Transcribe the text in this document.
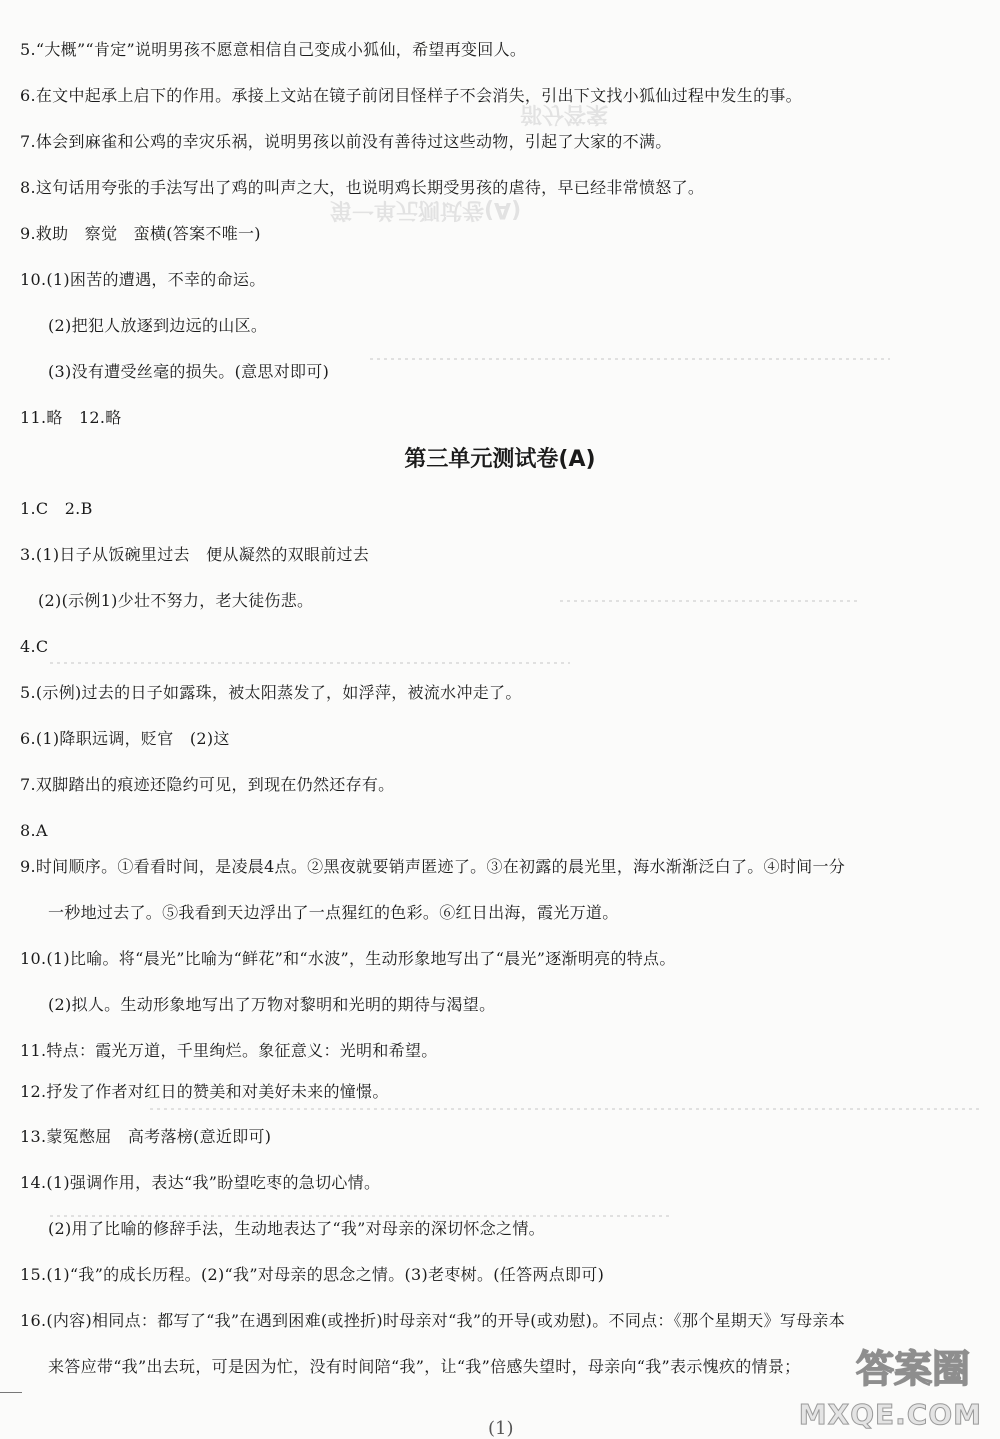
部分答案
第一单元测试卷(A)
5.“大概”“肯定”说明男孩不愿意相信自己变成小狐仙，希望再变回人。
6.在文中起承上启下的作用。承接上文站在镜子前闭目怪样子不会消失，引出下文找小狐仙过程中发生的事。
7.体会到麻雀和公鸡的幸灾乐祸，说明男孩以前没有善待过这些动物，引起了大家的不满。
8.这句话用夸张的手法写出了鸡的叫声之大，也说明鸡长期受男孩的虐待，早已经非常愤怒了。
9.救助　察觉　蛮横(答案不唯一)
10.(1)困苦的遭遇，不幸的命运。
(2)把犯人放逐到边远的山区。
(3)没有遭受丝毫的损失。(意思对即可)
11.略　12.略
第三单元测试卷(A)
1.C　2.B
3.(1)日子从饭碗里过去　便从凝然的双眼前过去
(2)(示例1)少壮不努力，老大徒伤悲。
4.C
5.(示例)过去的日子如露珠，被太阳蒸发了，如浮萍，被流水冲走了。
6.(1)降职远调，贬官　(2)这
7.双脚踏出的痕迹还隐约可见，到现在仍然还存有。
8.A
9.时间顺序。①看看时间，是凌晨4点。②黑夜就要销声匿迹了。③在初露的晨光里，海水渐渐泛白了。④时间一分
一秒地过去了。⑤我看到天边浮出了一点猩红的色彩。⑥红日出海，霞光万道。
10.(1)比喻。将“晨光”比喻为“鲜花”和“水波”，生动形象地写出了“晨光”逐渐明亮的特点。
(2)拟人。生动形象地写出了万物对黎明和光明的期待与渴望。
11.特点：霞光万道，千里绚烂。象征意义：光明和希望。
12.抒发了作者对红日的赞美和对美好未来的憧憬。
13.蒙冤憋屈　高考落榜(意近即可)
14.(1)强调作用，表达“我”盼望吃枣的急切心情。
(2)用了比喻的修辞手法，生动地表达了“我”对母亲的深切怀念之情。
15.(1)“我”的成长历程。(2)“我”对母亲的思念之情。(3)老枣树。(任答两点即可)
16.(内容)相同点：都写了“我”在遇到困难(或挫折)时母亲对“我”的开导(或劝慰)。不同点：《那个星期天》写母亲本
来答应带“我”出去玩，可是因为忙，没有时间陪“我”，让“我”倍感失望时，母亲向“我”表示愧疚的情景；
(1)
答案圈
MXQE.COM
